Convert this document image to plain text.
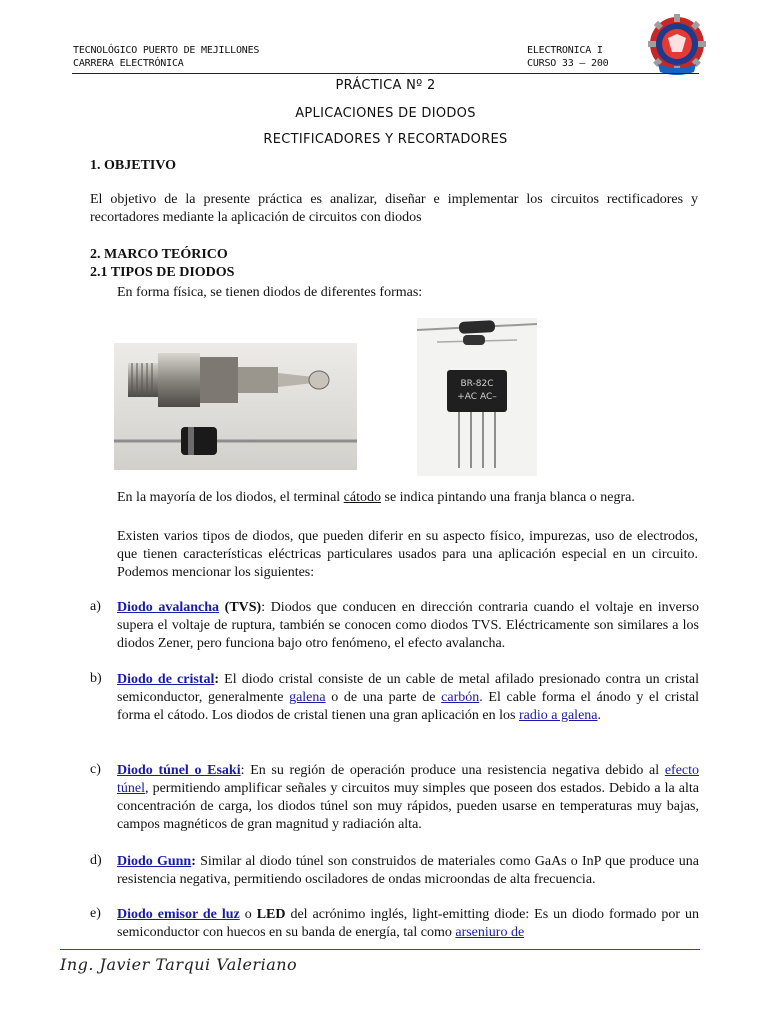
TECNOLÓGICO PUERTO DE MEJILLONES
CARRERA ELECTRÓNICA
ELECTRONICA I
CURSO 33 – 200
PRÁCTICA Nº 2
APLICACIONES DE DIODOS
RECTIFICADORES Y RECORTADORES
1. OBJETIVO
El objetivo de la presente práctica es analizar, diseñar e implementar los circuitos rectificadores y recortadores mediante la aplicación de circuitos con diodos
2. MARCO TEÓRICO
2.1 TIPOS DE DIODOS
En forma física, se tienen diodos de diferentes formas:
BR-82C
+AC AC–
En la mayoría de los diodos, el terminal cátodo se indica pintando una franja blanca o negra.
Existen varios tipos de diodos, que pueden diferir en su aspecto físico, impurezas, uso de electrodos, que tienen características eléctricas particulares usados para una aplicación especial en un circuito. Podemos mencionar los siguientes:
a) Diodo avalancha (TVS): Diodos que conducen en dirección contraria cuando el voltaje en inverso supera el voltaje de ruptura, también se conocen como diodos TVS. Eléctricamente son similares a los diodos Zener, pero funciona bajo otro fenómeno, el efecto avalancha.
b) Diodo de cristal: El diodo cristal consiste de un cable de metal afilado presionado contra un cristal semiconductor, generalmente galena o de una parte de carbón. El cable forma el ánodo y el cristal forma el cátodo. Los diodos de cristal tienen una gran aplicación en los radio a galena.
c) Diodo túnel o Esaki: En su región de operación produce una resistencia negativa debido al efecto túnel, permitiendo amplificar señales y circuitos muy simples que poseen dos estados. Debido a la alta concentración de carga, los diodos túnel son muy rápidos, pueden usarse en temperaturas muy bajas, campos magnéticos de gran magnitud y radiación alta.
d) Diodo Gunn: Similar al diodo túnel son construidos de materiales como GaAs o InP que produce una resistencia negativa, permitiendo osciladores de ondas microondas de alta frecuencia.
e) Diodo emisor de luz o LED del acrónimo inglés, light-emitting diode: Es un diodo formado por un semiconductor con huecos en su banda de energía, tal como arseniuro de
Ing. Javier Tarqui Valeriano
